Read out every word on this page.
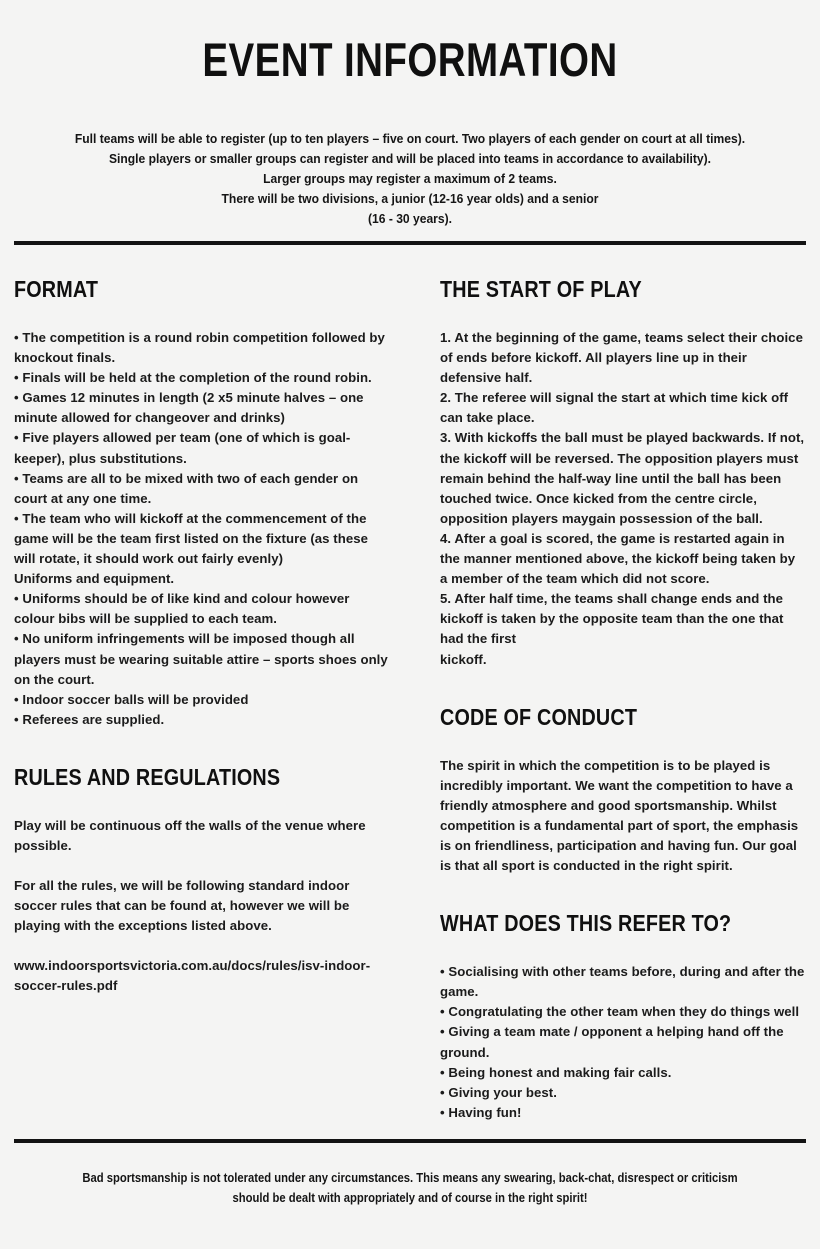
EVENT INFORMATION
Full teams will be able to register (up to ten players – five on court. Two players of each gender on court at all times).
Single players or smaller groups can register and will be placed into teams in accordance to availability).
Larger groups may register a maximum of 2 teams.
There will be two divisions, a junior (12-16 year olds) and a senior
(16 - 30 years).
FORMAT
• The competition is a round robin competition followed by knockout finals.
• Finals will be held at the completion of the round robin.
• Games 12 minutes in length (2 x5 minute halves – one minute allowed for changeover and drinks)
• Five players allowed per team (one of which is goal-keeper), plus substitutions.
• Teams are all to be mixed with two of each gender on court at any one time.
• The team who will kickoff at the commencement of the game will be the team first listed on the fixture (as these will rotate, it should work out fairly evenly)
Uniforms and equipment.
• Uniforms should be of like kind and colour however colour bibs will be supplied to each team.
• No uniform infringements will be imposed though all players must be wearing suitable attire – sports shoes only on the court.
• Indoor soccer balls will be provided
• Referees are supplied.
RULES AND REGULATIONS
Play will be continuous off the walls of the venue where possible.
For all the rules, we will be following standard indoor soccer rules that can be found at, however we will be playing with the exceptions listed above.
www.indoorsportsvictoria.com.au/docs/rules/isv-indoor-soccer-rules.pdf
THE START OF PLAY
1. At the beginning of the game, teams select their choice of ends before kickoff. All players line up in their defensive half.
2. The referee will signal the start at which time kick off can take place.
3. With kickoffs the ball must be played backwards. If not, the kickoff will be reversed. The opposition players must remain behind the half-way line until the ball has been touched twice. Once kicked from the centre circle, opposition players maygain possession of the ball.
4. After a goal is scored, the game is restarted again in the manner mentioned above, the kickoff being taken by a member of the team which did not score.
5. After half time, the teams shall change ends and the kickoff is taken by the opposite team than the one that had the first
kickoff.
CODE OF CONDUCT
The spirit in which the competition is to be played is incredibly important. We want the competition to have a friendly atmosphere and good sportsmanship. Whilst competition is a fundamental part of sport, the emphasis is on friendliness, participation and having fun. Our goal is that all sport is conducted in the right spirit.
WHAT DOES THIS REFER TO?
• Socialising with other teams before, during and after the game.
• Congratulating the other team when they do things well
• Giving a team mate / opponent a helping hand off the ground.
• Being honest and making fair calls.
• Giving your best.
• Having fun!
Bad sportsmanship is not tolerated under any circumstances. This means any swearing, back-chat, disrespect or criticism
should be dealt with appropriately and of course in the right spirit!
